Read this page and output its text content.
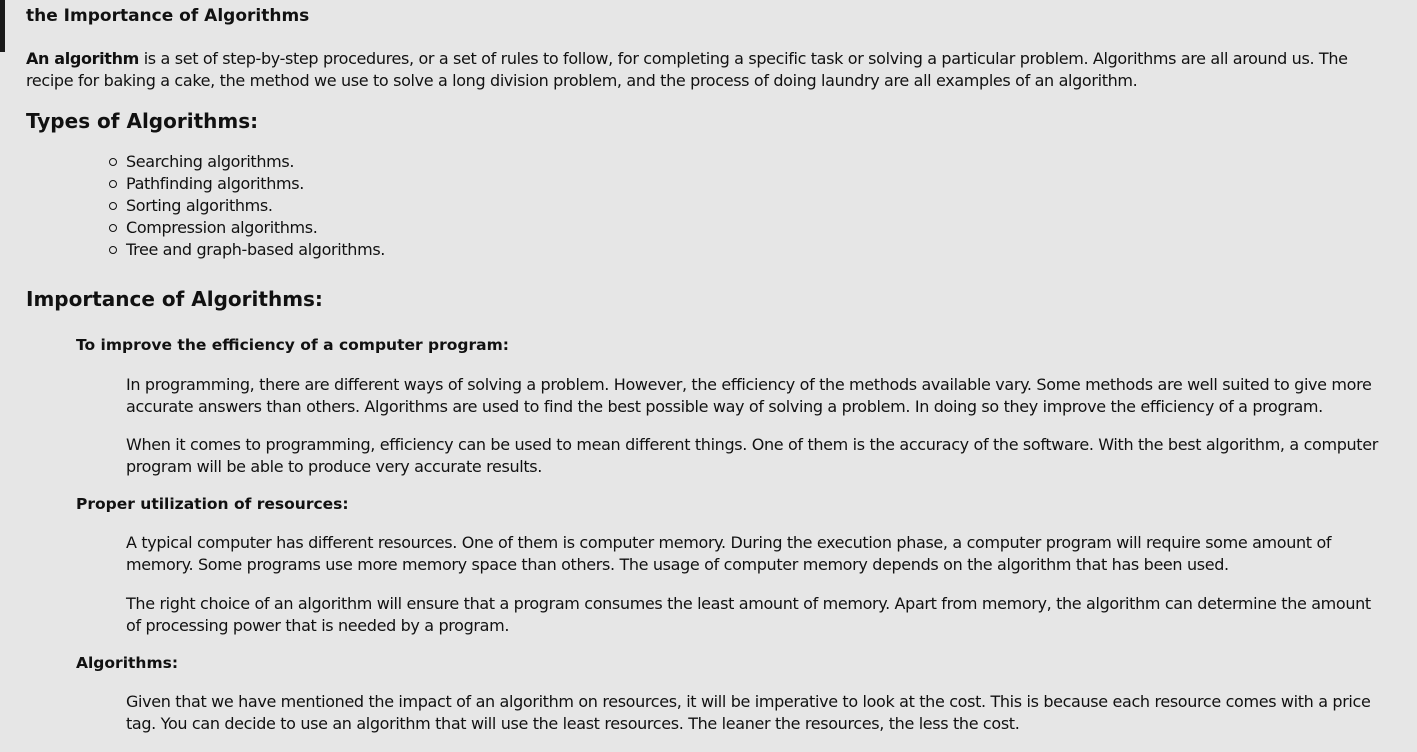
the Importance of Algorithms
An algorithm is a set of step-by-step procedures, or a set of rules to follow, for completing a specific task or solving a particular problem. Algorithms are all around us. The recipe for baking a cake, the method we use to solve a long division problem, and the process of doing laundry are all examples of an algorithm.
Types of Algorithms:
Searching algorithms.
Pathfinding algorithms.
Sorting algorithms.
Compression algorithms.
Tree and graph-based algorithms.
Importance of Algorithms:
To improve the efficiency of a computer program:
In programming, there are different ways of solving a problem. However, the efficiency of the methods available vary. Some methods are well suited to give more accurate answers than others. Algorithms are used to find the best possible way of solving a problem. In doing so they improve the efficiency of a program.
When it comes to programming, efficiency can be used to mean different things. One of them is the accuracy of the software. With the best algorithm, a computer program will be able to produce very accurate results.
Proper utilization of resources:
A typical computer has different resources. One of them is computer memory. During the execution phase, a computer program will require some amount of memory. Some programs use more memory space than others. The usage of computer memory depends on the algorithm that has been used.
The right choice of an algorithm will ensure that a program consumes the least amount of memory. Apart from memory, the algorithm can determine the amount of processing power that is needed by a program.
Algorithms:
Given that we have mentioned the impact of an algorithm on resources, it will be imperative to look at the cost. This is because each resource comes with a price tag. You can decide to use an algorithm that will use the least resources. The leaner the resources, the less the cost.
